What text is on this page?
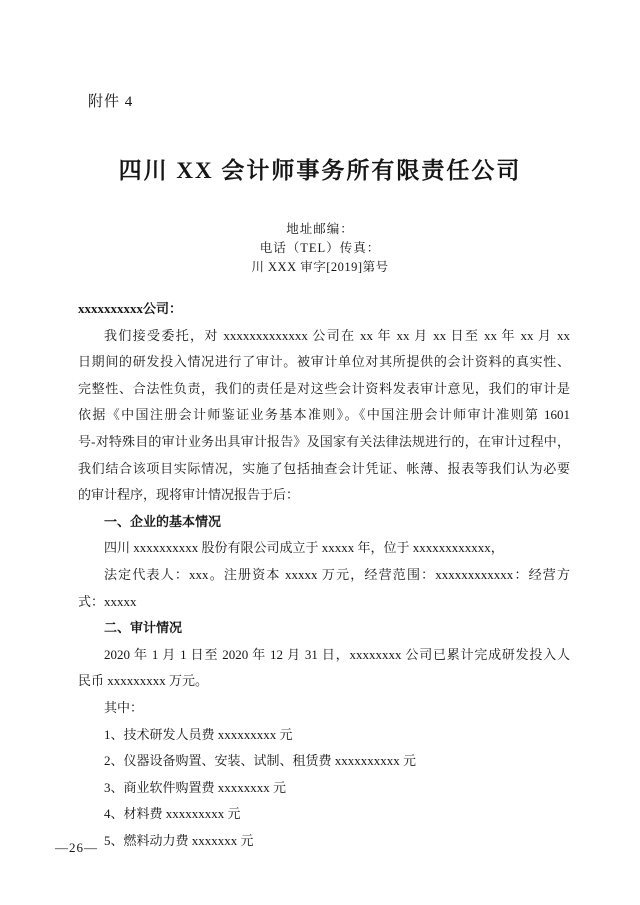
附件 4
四川 XX 会计师事务所有限责任公司
地址邮编：
电话（TEL）传真：
川 XXX 审字[2019]第号
xxxxxxxxxx公司：
我们接受委托，对 xxxxxxxxxxxxx 公司在 xx 年 xx 月 xx 日至 xx 年 xx 月 xx
日期间的研发投入情况进行了审计。被审计单位对其所提供的会计资料的真实性、
完整性、合法性负责，我们的责任是对这些会计资料发表审计意见，我们的审计是
依据《中国注册会计师鉴证业务基本准则》。《中国注册会计师审计准则第 1601
号-对特殊目的审计业务出具审计报告》及国家有关法律法规进行的，在审计过程中，
我们结合该项目实际情况，实施了包括抽查会计凭证、帐薄、报表等我们认为必要
的审计程序，现将审计情况报告于后：
一、企业的基本情况
四川 xxxxxxxxxx 股份有限公司成立于 xxxxx 年，位于 xxxxxxxxxxxx，
法定代表人：xxx。注册资本 xxxxx 万元，经营范围：xxxxxxxxxxxx：经营方
式：xxxxx
二、审计情况
2020 年 1 月 1 日至 2020 年 12 月 31 日，xxxxxxxx 公司已累计完成研发投入人
民币 xxxxxxxxx 万元。
其中：
1、技术研发人员费 xxxxxxxxx 元
2、仪器设备购置、安装、试制、租赁费 xxxxxxxxxx 元
3、商业软件购置费 xxxxxxxx 元
4、材料费 xxxxxxxxx 元
5、燃料动力费 xxxxxxx 元
—26—
